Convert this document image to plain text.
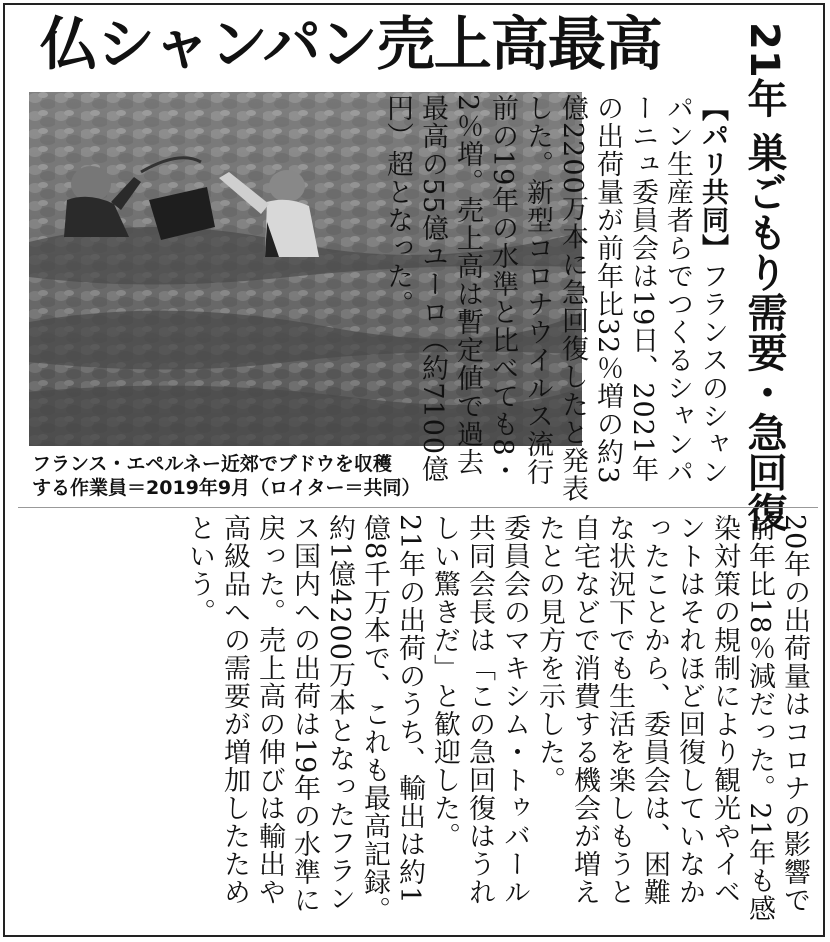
仏シャンパン売上高最高	21年 巣ごもり需要・急回復
フランス・エペルネー近郊でブドウを収穫
する作業員＝2019年9月（ロイター＝共同）
【パリ共同】フランスのシャンパン生産者らでつくるシャンパーニュ委員会は19日、2021年の出荷量が前年比32％増の約3億2200万本に急回復したと発表した。新型コロナウイルス流行前の19年の水準と比べても8・2％増。売上高は暫定値で過去最高の55億ユーロ（約7100億円）超となった。

20年の出荷量はコロナの影響で前年比18％減だった。21年も感染対策の規制により観光やイベントはそれほど回復していなかったことから、委員会は、困難な状況下でも生活を楽しもうと自宅などで消費する機会が増えたとの見方を示した。

委員会のマキシム・トゥバール共同会長は「この急回復はうれしい驚きだ」と歓迎した。

21年の出荷のうち、輸出は約1億8千万本で、これも最高記録。約1億4200万本となったフランス国内への出荷は19年の水準に戻った。売上高の伸びは輸出や高級品への需要が増加したためという。
